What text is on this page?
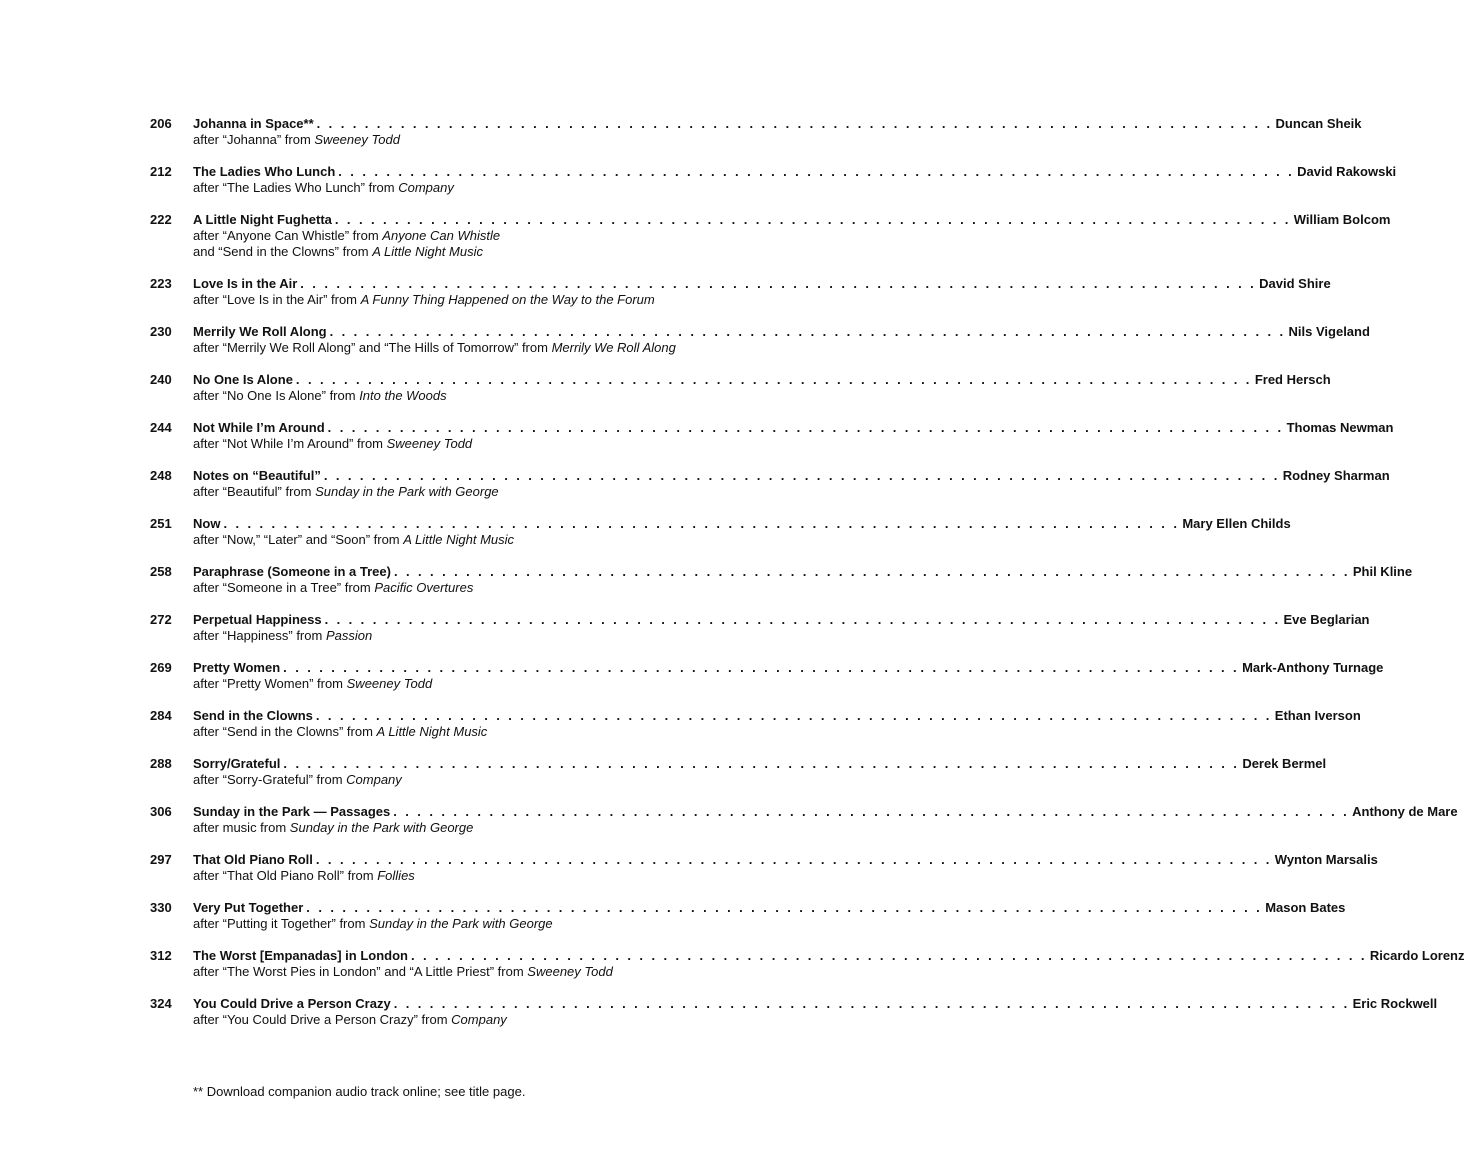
206	Johanna in Space** . . . . . . . . . . . . . . . . . . . . . . . . . . . . . . . . . . . . . . . . . . . . . . . . . . . . . . . . . . . . . . . . . . . . . . . . . . . . . . . . Duncan Sheik
after “Johanna” from Sweeney Todd
212	The Ladies Who Lunch . . . . . . . . . . . . . . . . . . . . . . . . . . . . . . . . . . . . . . . . . . . . . . . . . . . . . . . . . . . . . . . . . . . . . . . . . . . . . . . . David Rakowski
after “The Ladies Who Lunch” from Company
222	A Little Night Fughetta . . . . . . . . . . . . . . . . . . . . . . . . . . . . . . . . . . . . . . . . . . . . . . . . . . . . . . . . . . . . . . . . . . . . . . . . . . . . . . . . William Bolcom
after “Anyone Can Whistle” from Anyone Can Whistle
and “Send in the Clowns” from A Little Night Music
223	Love Is in the Air . . . . . . . . . . . . . . . . . . . . . . . . . . . . . . . . . . . . . . . . . . . . . . . . . . . . . . . . . . . . . . . . . . . . . . . . . . . . . . . . David Shire
after “Love Is in the Air” from A Funny Thing Happened on the Way to the Forum
230	Merrily We Roll Along . . . . . . . . . . . . . . . . . . . . . . . . . . . . . . . . . . . . . . . . . . . . . . . . . . . . . . . . . . . . . . . . . . . . . . . . . . . . . . . . Nils Vigeland
after “Merrily We Roll Along” and “The Hills of Tomorrow” from Merrily We Roll Along
240	No One Is Alone . . . . . . . . . . . . . . . . . . . . . . . . . . . . . . . . . . . . . . . . . . . . . . . . . . . . . . . . . . . . . . . . . . . . . . . . . . . . . . . . Fred Hersch
after “No One Is Alone” from Into the Woods
244	Not While I’m Around . . . . . . . . . . . . . . . . . . . . . . . . . . . . . . . . . . . . . . . . . . . . . . . . . . . . . . . . . . . . . . . . . . . . . . . . . . . . . . . . Thomas Newman
after “Not While I’m Around” from Sweeney Todd
248	Notes on “Beautiful” . . . . . . . . . . . . . . . . . . . . . . . . . . . . . . . . . . . . . . . . . . . . . . . . . . . . . . . . . . . . . . . . . . . . . . . . . . . . . . . . Rodney Sharman
after “Beautiful” from Sunday in the Park with George
251	Now . . . . . . . . . . . . . . . . . . . . . . . . . . . . . . . . . . . . . . . . . . . . . . . . . . . . . . . . . . . . . . . . . . . . . . . . . . . . . . . . Mary Ellen Childs
after “Now,” “Later” and “Soon” from A Little Night Music
258	Paraphrase (Someone in a Tree) . . . . . . . . . . . . . . . . . . . . . . . . . . . . . . . . . . . . . . . . . . . . . . . . . . . . . . . . . . . . . . . . . . . . . . . . . . . . . . . . Phil Kline
after “Someone in a Tree” from Pacific Overtures
272	Perpetual Happiness . . . . . . . . . . . . . . . . . . . . . . . . . . . . . . . . . . . . . . . . . . . . . . . . . . . . . . . . . . . . . . . . . . . . . . . . . . . . . . . . Eve Beglarian
after “Happiness” from Passion
269	Pretty Women . . . . . . . . . . . . . . . . . . . . . . . . . . . . . . . . . . . . . . . . . . . . . . . . . . . . . . . . . . . . . . . . . . . . . . . . . . . . . . . . Mark-Anthony Turnage
after “Pretty Women” from Sweeney Todd
284	Send in the Clowns . . . . . . . . . . . . . . . . . . . . . . . . . . . . . . . . . . . . . . . . . . . . . . . . . . . . . . . . . . . . . . . . . . . . . . . . . . . . . . . . Ethan Iverson
after “Send in the Clowns” from A Little Night Music
288	Sorry/Grateful . . . . . . . . . . . . . . . . . . . . . . . . . . . . . . . . . . . . . . . . . . . . . . . . . . . . . . . . . . . . . . . . . . . . . . . . . . . . . . . . Derek Bermel
after “Sorry-Grateful” from Company
306	Sunday in the Park — Passages . . . . . . . . . . . . . . . . . . . . . . . . . . . . . . . . . . . . . . . . . . . . . . . . . . . . . . . . . . . . . . . . . . . . . . . . . . . . . . . . Anthony de Mare
after music from Sunday in the Park with George
297	That Old Piano Roll . . . . . . . . . . . . . . . . . . . . . . . . . . . . . . . . . . . . . . . . . . . . . . . . . . . . . . . . . . . . . . . . . . . . . . . . . . . . . . . . Wynton Marsalis
after “That Old Piano Roll” from Follies
330	Very Put Together . . . . . . . . . . . . . . . . . . . . . . . . . . . . . . . . . . . . . . . . . . . . . . . . . . . . . . . . . . . . . . . . . . . . . . . . . . . . . . . . Mason Bates
after “Putting it Together” from Sunday in the Park with George
312	The Worst [Empanadas] in London . . . . . . . . . . . . . . . . . . . . . . . . . . . . . . . . . . . . . . . . . . . . . . . . . . . . . . . . . . . . . . . . . . . . . . . . . . . . . . . . Ricardo Lorenz
after “The Worst Pies in London” and “A Little Priest” from Sweeney Todd
324	You Could Drive a Person Crazy . . . . . . . . . . . . . . . . . . . . . . . . . . . . . . . . . . . . . . . . . . . . . . . . . . . . . . . . . . . . . . . . . . . . . . . . . . . . . . . . Eric Rockwell
after “You Could Drive a Person Crazy” from Company
** Download companion audio track online; see title page.
